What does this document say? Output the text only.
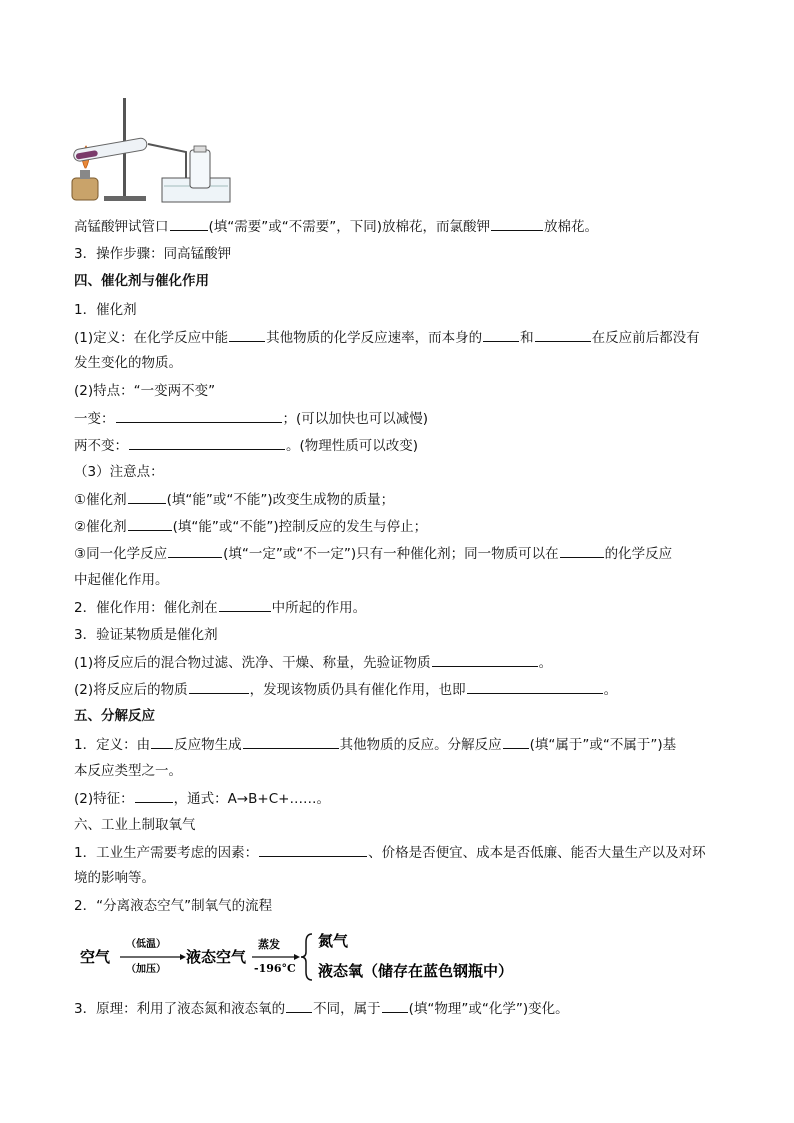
高锰酸钾试管口	(填“需要”或“不需要”，下同)放棉花，而氯酸钾	放棉花。
3．操作步骤：同高锰酸钾
四、催化剂与催化作用
1．催化剂
(1)定义：在化学反应中能	其他物质的化学反应速率，而本身的	和	在反应前后都没有
发生变化的物质。
(2)特点：“一变两不变”
一变：	；(可以加快也可以减慢)
两不变：	。(物理性质可以改变)
（3）注意点：
①催化剂	(填“能”或“不能”)改变生成物的质量；
②催化剂	(填“能”或“不能”)控制反应的发生与停止；
③同一化学反应	(填“一定”或“不一定”)只有一种催化剂；同一物质可以在	的化学反应
中起催化作用。
2．催化作用：催化剂在	中所起的作用。
3．验证某物质是催化剂
(1)将反应后的混合物过滤、洗净、干燥、称量，先验证物质	。
(2)将反应后的物质	，发现该物质仍具有催化作用，也即	。
五、分解反应
1．定义：由 反应物生成	其他物质的反应。分解反应 (填“属于”或“不属于”)基
本反应类型之一。
(2)特征：	，通式：A→B+C+……。
六、工业上制取氧气
1．工业生产需要考虑的因素：	、价格是否便宜、成本是否低廉、能否大量生产以及对环
境的影响等。
2．“分离液态空气”制氧气的流程
空气
（低温）
（加压）
液态空气
蒸发
-196°C
氮气
液态氧（储存在蓝色钢瓶中）
3．原理：利用了液态氮和液态氧的 不同，属于 (填“物理”或“化学”)变化。
